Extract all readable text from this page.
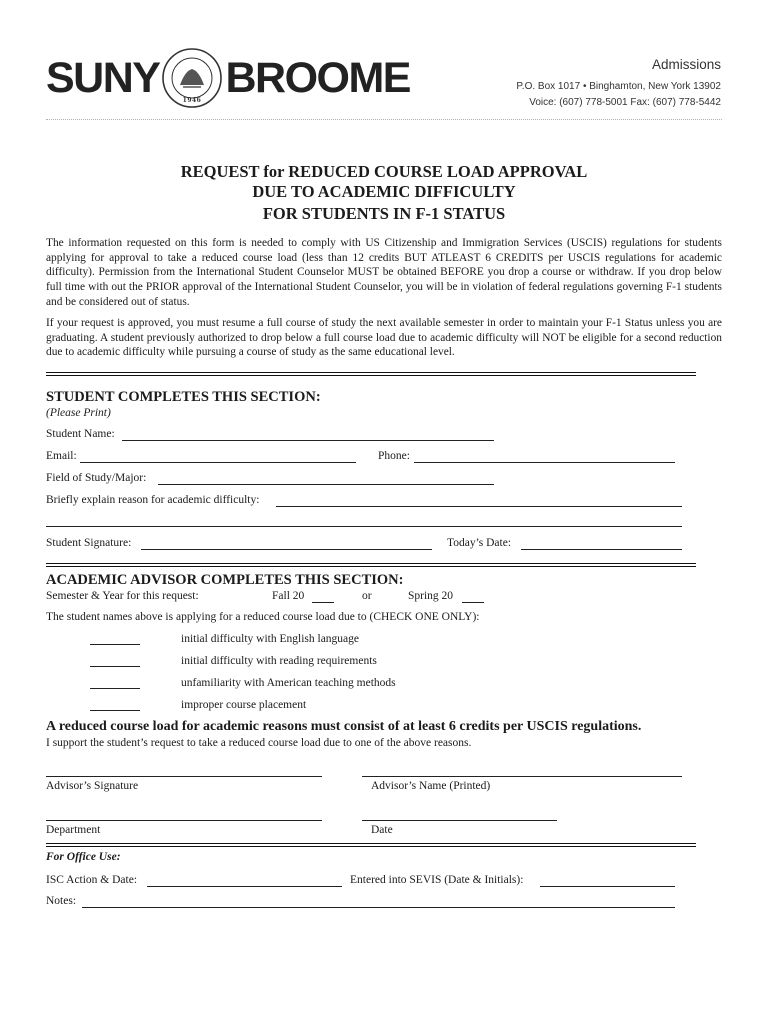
SUNY	1946 BROOME	Admissions
P.O. Box 1017 • Binghamton, New York 13902
Voice: (607) 778-5001 Fax: (607) 778-5442
REQUEST for REDUCED COURSE LOAD APPROVAL
DUE TO ACADEMIC DIFFICULTY
FOR STUDENTS IN F-1 STATUS
The information requested on this form is needed to comply with US Citizenship and Immigration Services (USCIS) regulations for students applying for approval to take a reduced course load (less than 12 credits BUT ATLEAST 6 CREDITS per USCIS regulations for academic difficulty). Permission from the International Student Counselor MUST be obtained BEFORE you drop a course or withdraw. If you drop below full time with out the PRIOR approval of the International Student Counselor, you will be in violation of federal regulations governing F-1 students and be considered out of status.
If your request is approved, you must resume a full course of study the next available semester in order to maintain your F-1 Status unless you are graduating. A student previously authorized to drop below a full course load due to academic difficulty will NOT be eligible for a second reduction due to academic difficulty while pursuing a course of study as the same educational level.
STUDENT COMPLETES THIS SECTION:
(Please Print)
Student Name:
Email:	Phone:
Field of Study/Major:
Briefly explain reason for academic difficulty:
Student Signature:	Today’s Date:
ACADEMIC ADVISOR COMPLETES THIS SECTION:
Semester & Year for this request:	Fall 20	or	Spring 20
The student names above is applying for a reduced course load due to (CHECK ONE ONLY):
initial difficulty with English language
initial difficulty with reading requirements
unfamiliarity with American teaching methods
improper course placement
A reduced course load for academic reasons must consist of at least 6 credits per USCIS regulations.
I support the student’s request to take a reduced course load due to one of the above reasons.
Advisor’s Signature	Advisor’s Name (Printed)
Department	Date
For Office Use:
ISC Action & Date:	Entered into SEVIS (Date & Initials):
Notes:
